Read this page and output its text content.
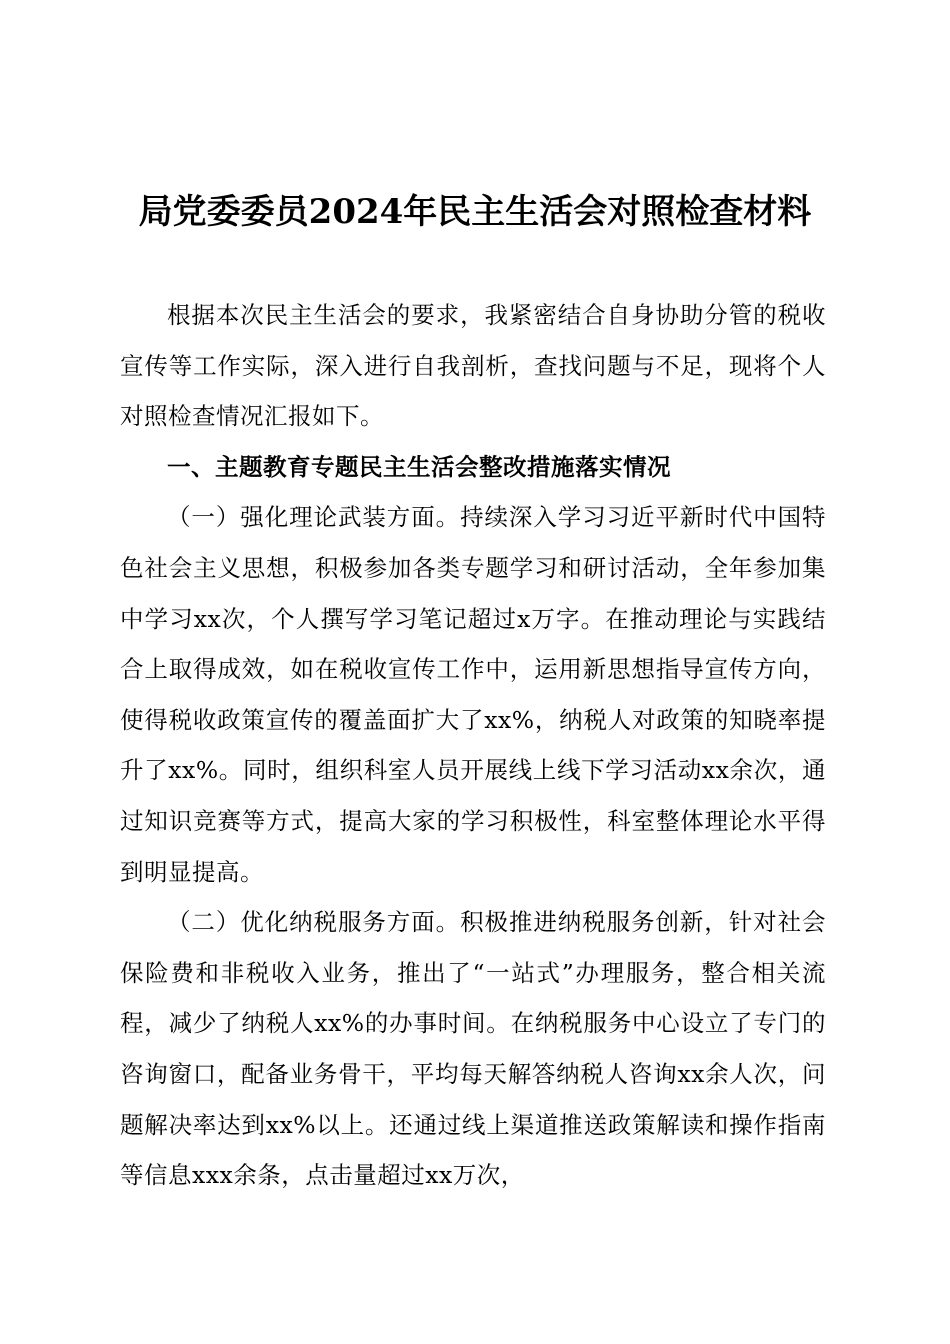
局党委委员2024年民主生活会对照检查材料

根据本次民主生活会的要求，我紧密结合自身协助分管的税收宣传等工作实际，深入进行自我剖析，查找问题与不足，现将个人对照检查情况汇报如下。

一、主题教育专题民主生活会整改措施落实情况

（一）强化理论武装方面。持续深入学习习近平新时代中国特色社会主义思想，积极参加各类专题学习和研讨活动，全年参加集中学习xx次，个人撰写学习笔记超过x万字。在推动理论与实践结合上取得成效，如在税收宣传工作中，运用新思想指导宣传方向，使得税收政策宣传的覆盖面扩大了xx%，纳税人对政策的知晓率提升了xx%。同时，组织科室人员开展线上线下学习活动xx余次，通过知识竞赛等方式，提高大家的学习积极性，科室整体理论水平得到明显提高。

（二）优化纳税服务方面。积极推进纳税服务创新，针对社会保险费和非税收入业务，推出了“一站式”办理服务，整合相关流程，减少了纳税人xx%的办事时间。在纳税服务中心设立了专门的咨询窗口，配备业务骨干，平均每天解答纳税人咨询xx余人次，问题解决率达到xx%以上。还通过线上渠道推送政策解读和操作指南等信息xxx余条，点击量超过xx万次，
